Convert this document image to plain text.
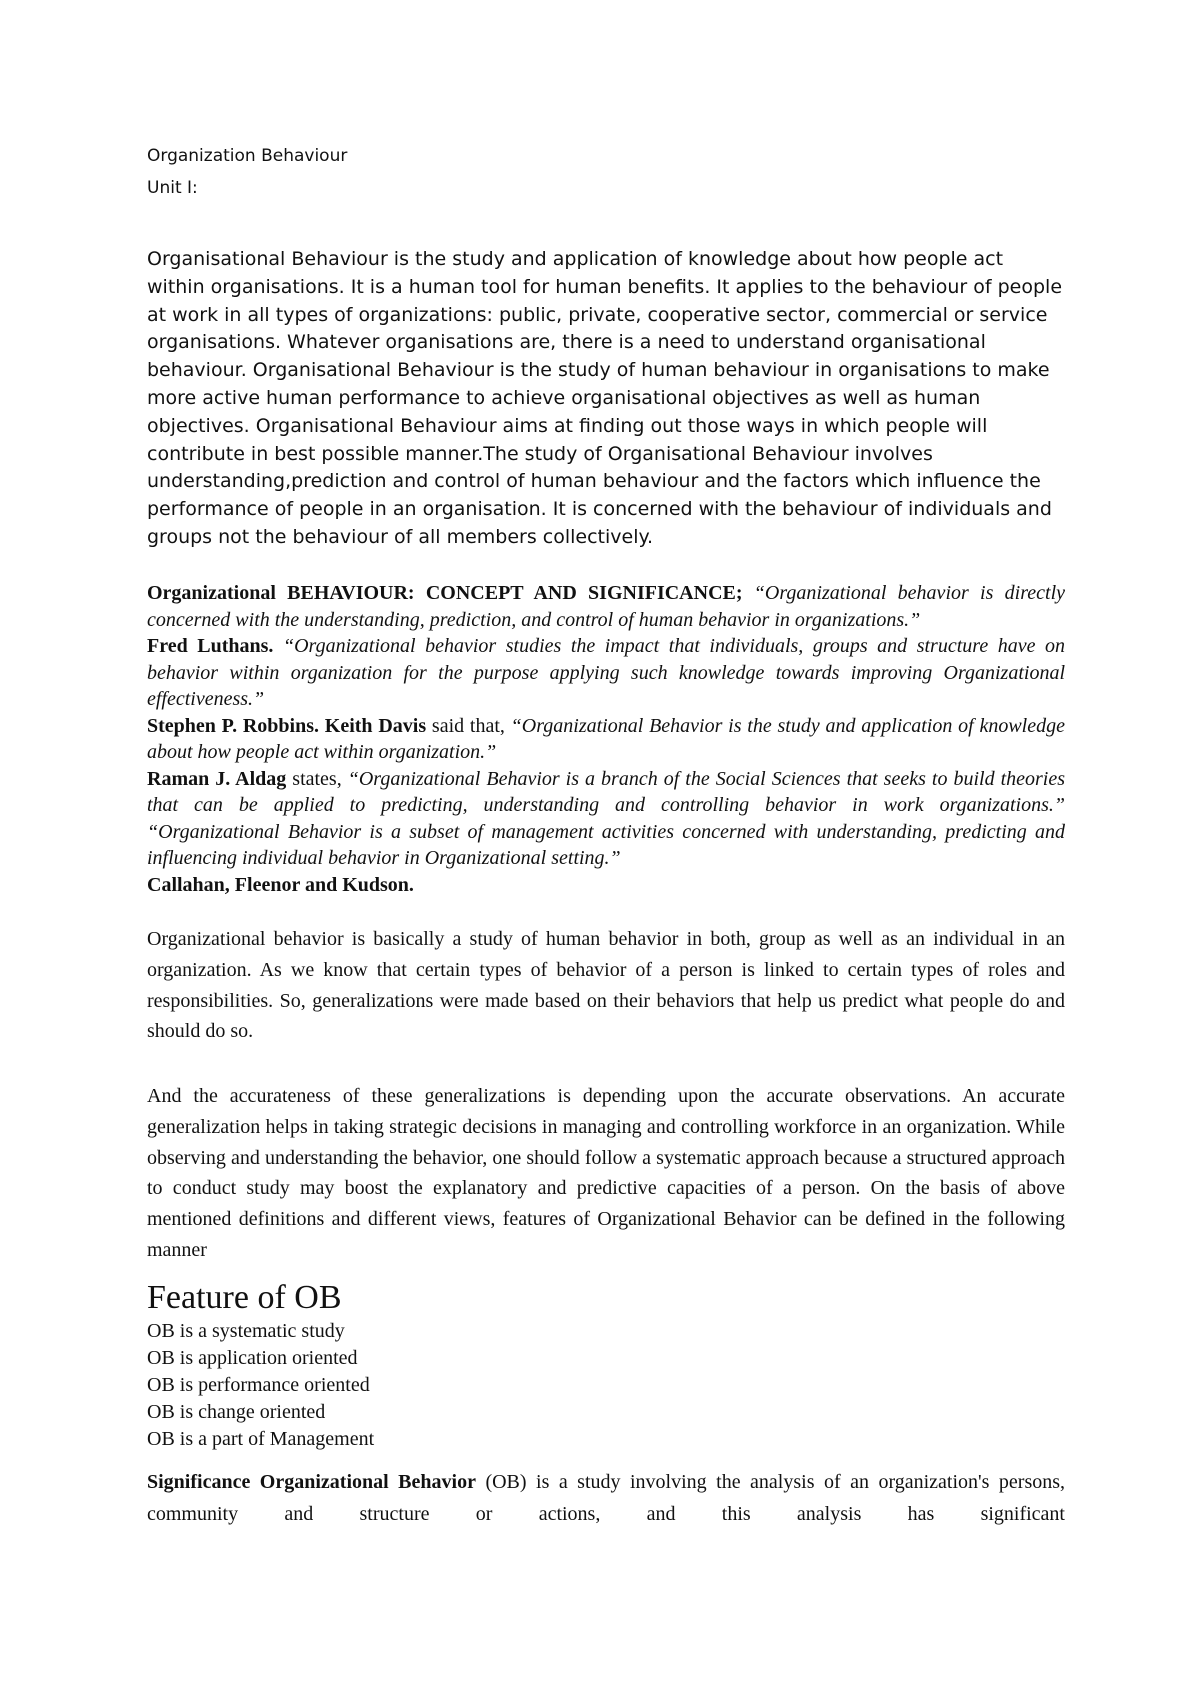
Organization Behaviour
Unit I:

Organisational Behaviour is the study and application of knowledge about how people act within organisations. It is a human tool for human benefits. It applies to the behaviour of people at work in all types of organizations: public, private, cooperative sector, commercial or service organisations. Whatever organisations are, there is a need to understand organisational behaviour. Organisational Behaviour is the study of human behaviour in organisations to make more active human performance to achieve organisational objectives as well as human objectives. Organisational Behaviour aims at finding out those ways in which people will contribute in best possible manner.The study of Organisational Behaviour involves understanding,prediction and control of human behaviour and the factors which influence the performance of people in an organisation. It is concerned with the behaviour of individuals and groups not the behaviour of all members collectively.

Organizational BEHAVIOUR: CONCEPT AND SIGNIFICANCE; “Organizational behavior is directly concerned with the understanding, prediction, and control of human behavior in organizations.”

Fred Luthans. “Organizational behavior studies the impact that individuals, groups and structure have on behavior within organization for the purpose applying such knowledge towards improving Organizational effectiveness.”

Stephen P. Robbins. Keith Davis said that, “Organizational Behavior is the study and application of knowledge about how people act within organization.”

Raman J. Aldag states, “Organizational Behavior is a branch of the Social Sciences that seeks to build theories that can be applied to predicting, understanding and controlling behavior in work organizations.” “Organizational Behavior is a subset of management activities concerned with understanding, predicting and influencing individual behavior in Organizational setting.”

Callahan, Fleenor and Kudson.

Organizational behavior is basically a study of human behavior in both, group as well as an individual in an organization. As we know that certain types of behavior of a person is linked to certain types of roles and responsibilities. So, generalizations were made based on their behaviors that help us predict what people do and should do so.

And the accurateness of these generalizations is depending upon the accurate observations. An accurate generalization helps in taking strategic decisions in managing and controlling workforce in an organization. While observing and understanding the behavior, one should follow a systematic approach because a structured approach to conduct study may boost the explanatory and predictive capacities of a person. On the basis of above mentioned definitions and different views, features of Organizational Behavior can be defined in the following manner

Feature of OB
OB is a systematic study
OB is application oriented
OB is performance oriented
OB is change oriented
OB is a part of Management

Significance Organizational Behavior (OB) is a study involving the analysis of an organization's persons, community and structure or actions, and this analysis has significant
